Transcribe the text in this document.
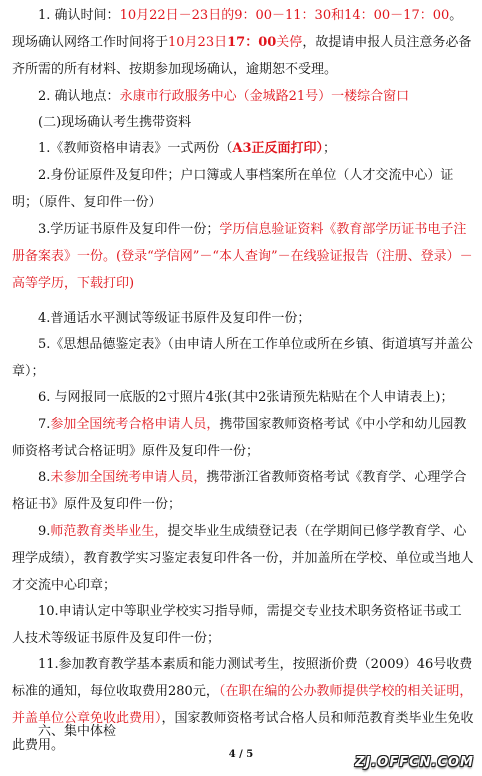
1. 确认时间：10月22日－23日的9：00－11：30和14：00－17：00。现场确认网络工作时间将于10月23日17：00关停，故提请申报人员注意务必备齐所需的所有材料、按期参加现场确认，逾期恕不受理。

2. 确认地点：永康市行政服务中心（金城路21号）一楼综合窗口

(二)现场确认考生携带资料

1.《教师资格申请表》一式两份（A3正反面打印）；

2.身份证原件及复印件；户口簿或人事档案所在单位（人才交流中心）证明；（原件、复印件一份）

3.学历证书原件及复印件一份；学历信息验证资料《教育部学历证书电子注册备案表》一份。(登录“学信网”－“本人查询”－在线验证报告（注册、登录）－高等学历，下载打印)

4.普通话水平测试等级证书原件及复印件一份；

5.《思想品德鉴定表》（由申请人所在工作单位或所在乡镇、街道填写并盖公章）；

6. 与网报同一底版的2寸照片4张(其中2张请预先粘贴在个人申请表上)；

7.参加全国统考合格申请人员，携带国家教师资格考试《中小学和幼儿园教师资格考试合格证明》原件及复印件一份；

8.未参加全国统考申请人员，携带浙江省教师资格考试《教育学、心理学合格证书》原件及复印件一份；

9.师范教育类毕业生，提交毕业生成绩登记表（在学期间已修学教育学、心理学成绩），教育教学实习鉴定表复印件各一份，并加盖所在学校、单位或当地人才交流中心印章；

10.申请认定中等职业学校实习指导师，需提交专业技术职务资格证书或工人技术等级证书原件及复印件一份；

11.参加教育教学基本素质和能力测试考生，按照浙价费（2009）46号收费标准的通知，每位收取费用280元，（在职在编的公办教师提供学校的相关证明，并盖单位公章免收此费用），国家教师资格考试合格人员和师范教育类毕业生免收此费用。

六、集中体检

4 / 5
ZJ.OFFCN.COM
